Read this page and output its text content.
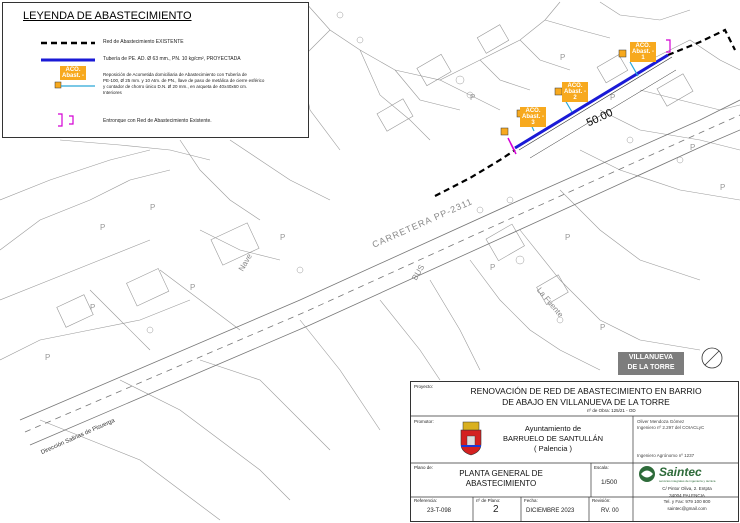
P
P
P
P
P
P
P
P
P
P
P
P
P
P
CARRETERA PP-2311
Nave	BUS
La Fuente
Dirección Salinas de Pisuerga
50.00
ACO.
Abast. - 1
ACO.
Abast. - 2
ACO.
Abast. - 3
VILLANUEVA
DE LA TORRE
LEYENDA DE ABASTECIMIENTO
ACO.
Abast. -
Red de Abastecimiento EXISTENTE
Tubería de PE. AD. Ø 63 mm., PN. 10 kg/cm², PROYECTADA
Reposición de Acometida domiciliaria de Abastecimiento con Tubería de
PE-100, Ø 25 mm. y 10 Atm. de PN., llave de paso de metálica de cierre esférico
y contador de chorro único D.N. Ø 20 mm., en arqueta de 40x40x60 cm.
Interiores
Entronque con Red de Abastecimiento Existente.
Proyecto:	RENOVACIÓN DE RED DE ABASTECIMIENTO EN BARRIO
DE ABAJO EN VILLANUEVA DE LA TORRE
nº de Obra: 125/21 - OD
Promotor:
Ayuntamiento de
BARRUELO DE SANTULLÁN
( Palencia )
Oliver Mendoza Gómez
Ingeniero nº 2.297 del COIACLyC
Ingeniero Agrónomo nº 1237
Plano de:
PLANTA GENERAL DE
ABASTECIMIENTO
Escala:
1/500
Saintec
servicios integrales de ingeniería y técnica
C/ Pintor Oliva, 2. Entpta
34004 PALENCIA
Tel. y Fax: 979 100 800
saintec@gmail.com
Referencia:
23-T-098
nº de Plano:
2
Fecha:
DICIEMBRE 2023
Revisión:
RV. 00
